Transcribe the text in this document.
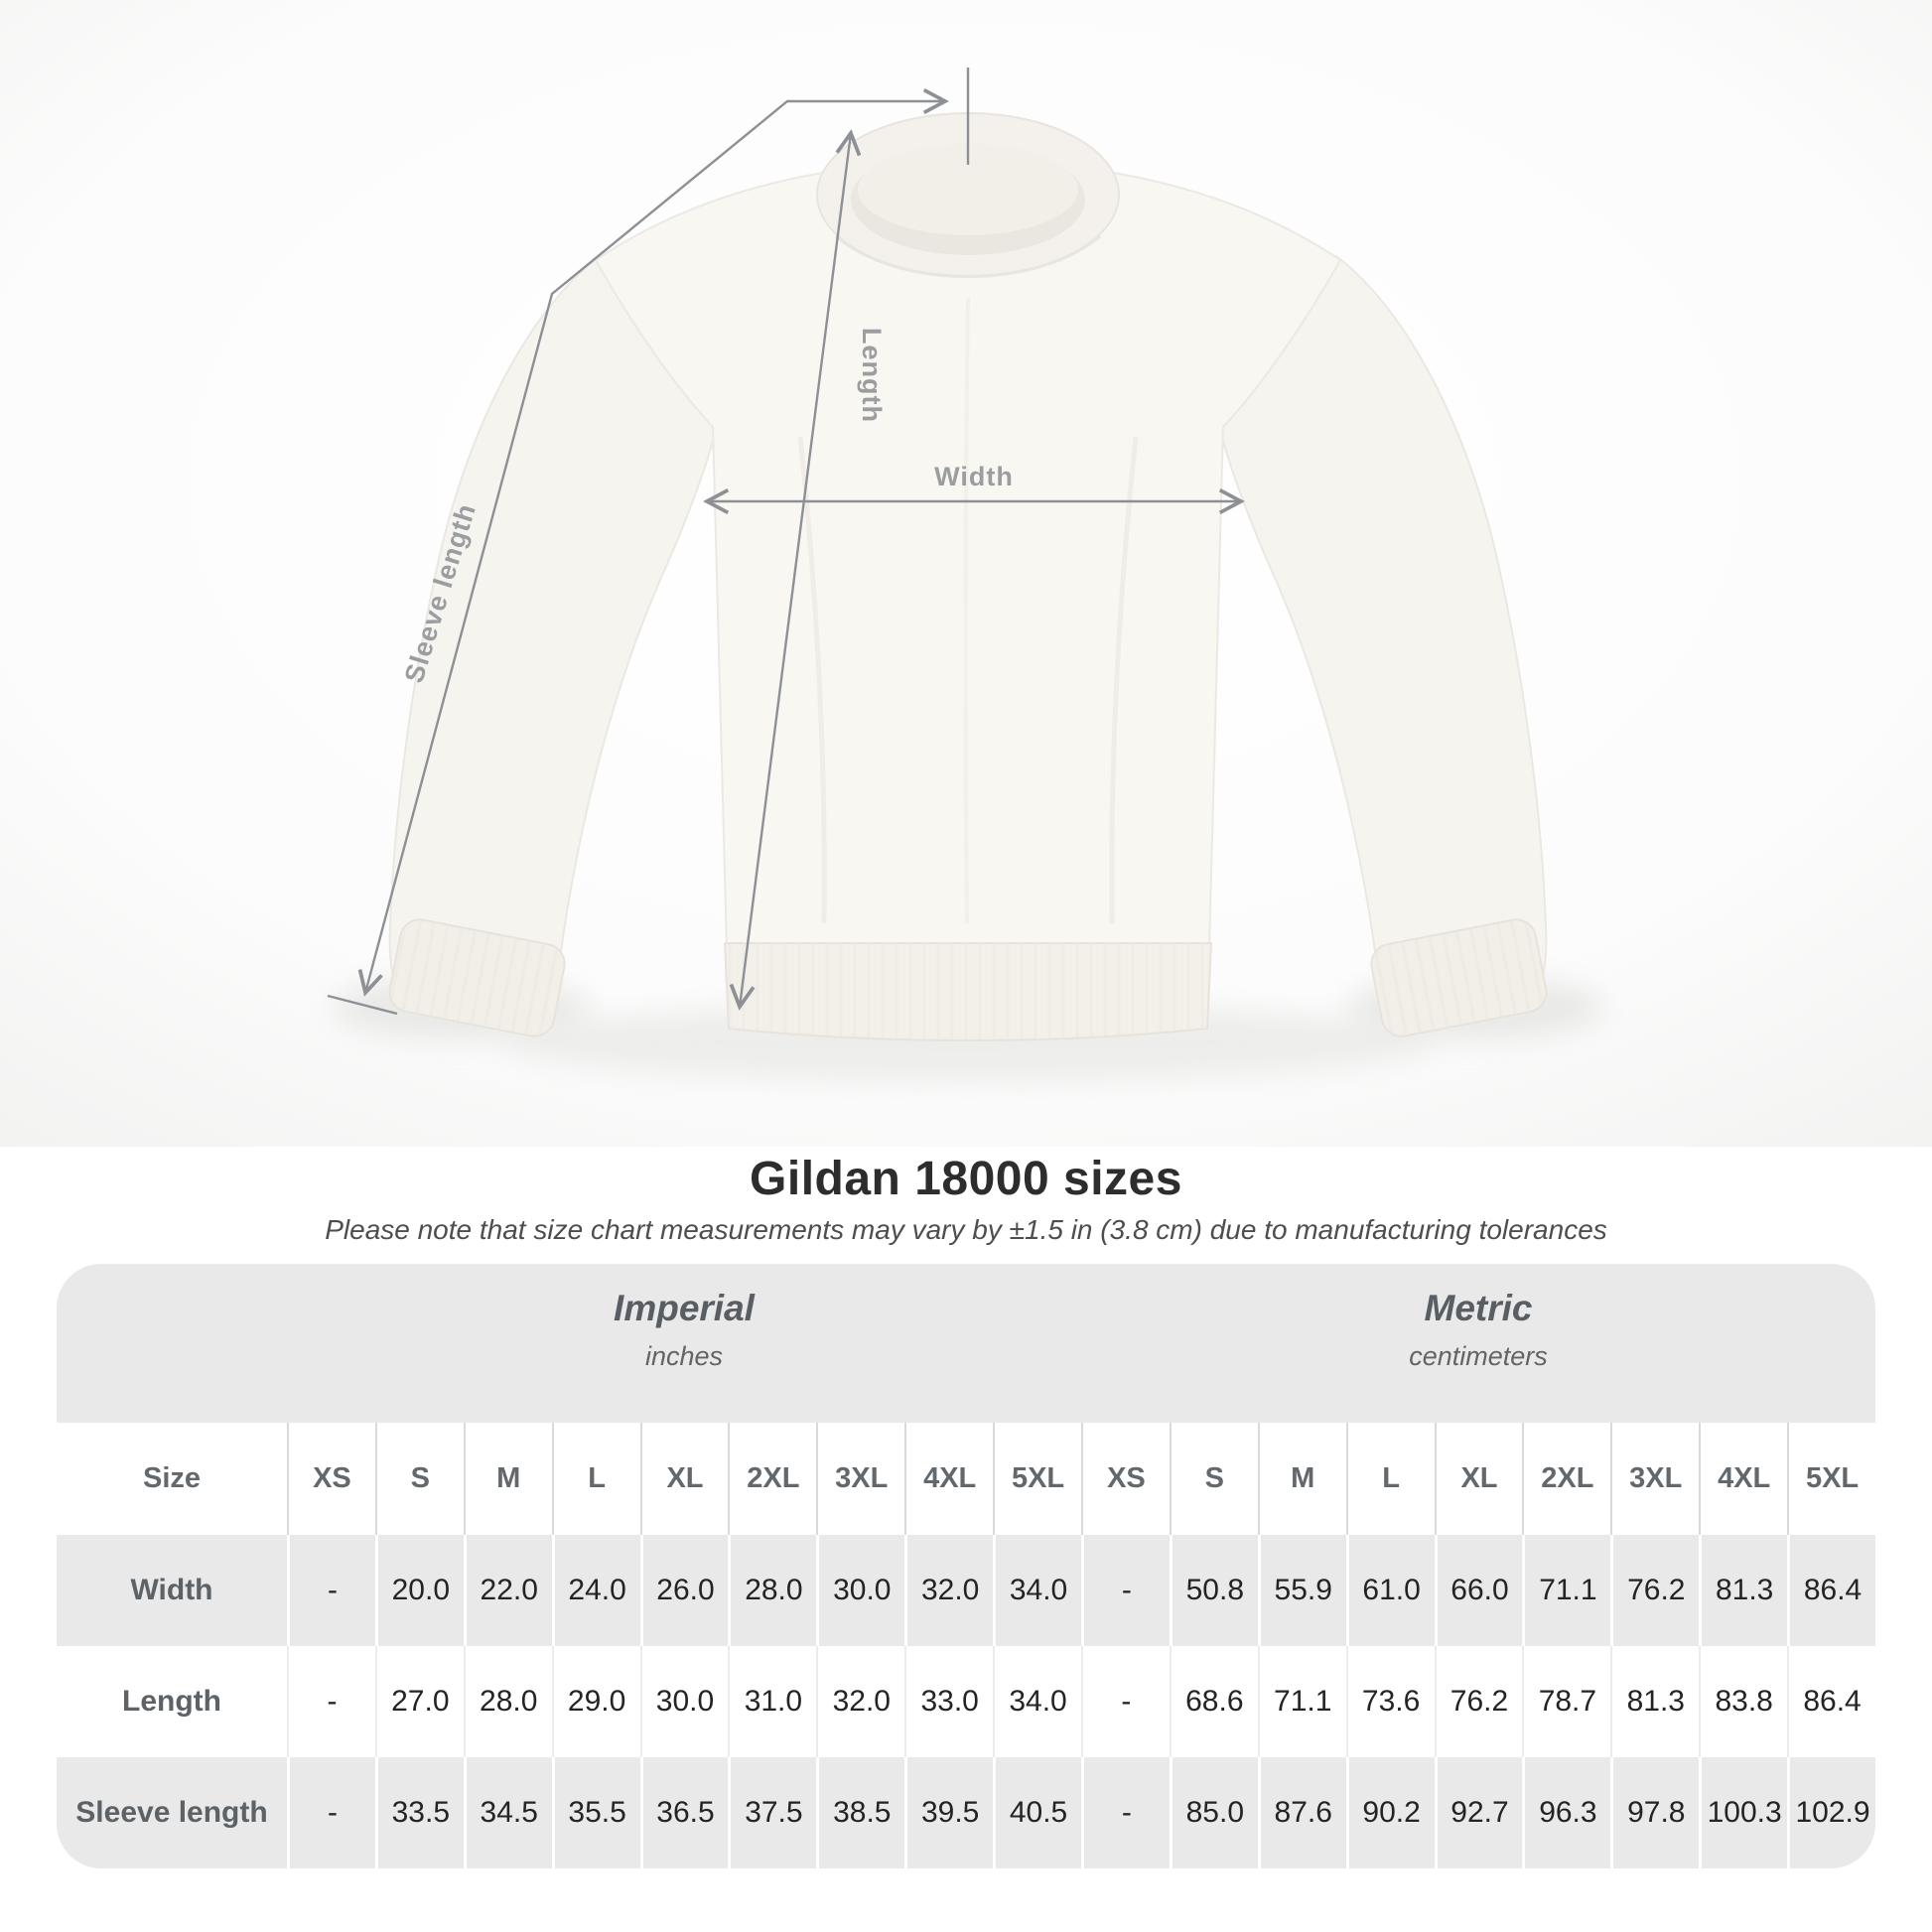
Width
Length
Sleeve length
Gildan 18000 sizes

Please note that size chart measurements may vary by ±1.5 in (3.8 cm) due to manufacturing tolerances

Imperial
inches
Metric
centimeters
Size	XS	S	M	L	XL	2XL	3XL	4XL	5XL	XS	S	M	L	XL	2XL	3XL	4XL	5XL
Width	-	20.0	22.0	24.0	26.0	28.0	30.0	32.0	34.0	-	50.8	55.9	61.0	66.0	71.1	76.2	81.3	86.4
Length	-	27.0	28.0	29.0	30.0	31.0	32.0	33.0	34.0	-	68.6	71.1	73.6	76.2	78.7	81.3	83.8	86.4
Sleeve length	-	33.5	34.5	35.5	36.5	37.5	38.5	39.5	40.5	-	85.0	87.6	90.2	92.7	96.3	97.8 100.3 102.9
